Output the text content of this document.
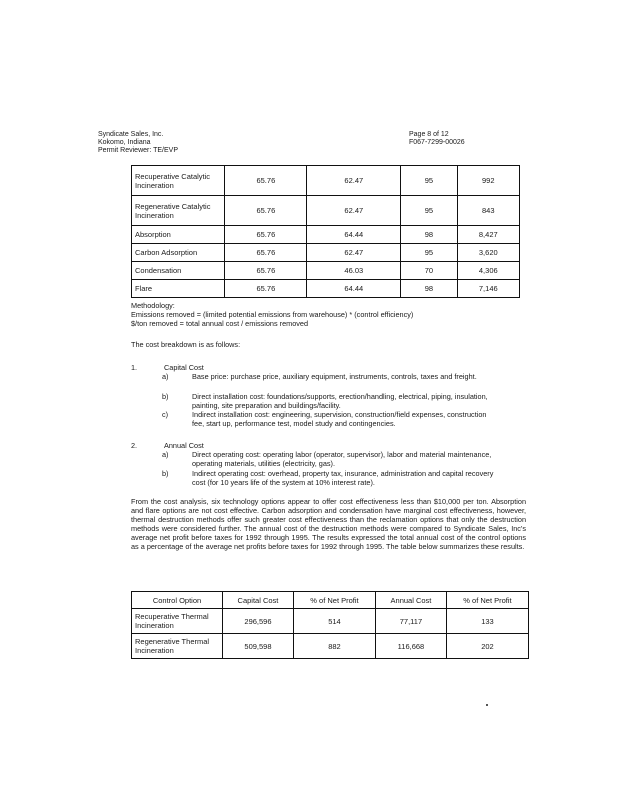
Syndicate Sales, Inc.
Kokomo, Indiana
Permit Reviewer: TE/EVP
Page 8 of 12
F067-7299-00026
Recuperative Catalytic Incineration	65.76	62.47	95	992
Regenerative Catalytic Incineration	65.76	62.47	95	843
Absorption	65.76	64.44	98	8,427
Carbon Adsorption	65.76	62.47	95	3,620
Condensation	65.76	46.03	70	4,306
Flare	65.76	64.44	98	7,146
Methodology:
Emissions removed = (limited potential emissions from warehouse) * (control efficiency)
$/ton removed = total annual cost / emissions removed
The cost breakdown is as follows:
1.	Capital Cost
a)	Base price: purchase price, auxiliary equipment, instruments, controls, taxes and freight.
b)	Direct installation cost: foundations/supports, erection/handling, electrical, piping, insulation, painting, site preparation and buildings/facility.
c)	Indirect installation cost: engineering, supervision, construction/field expenses, construction fee, start up, performance test, model study and contingencies.
2.	Annual Cost
a)	Direct operating cost: operating labor (operator, supervisor), labor and material maintenance, operating materials, utilities (electricity, gas).
b)	Indirect operating cost: overhead, property tax, insurance, administration and capital recovery cost (for 10 years life of the system at 10% interest rate).
From the cost analysis, six technology options appear to offer cost effectiveness less than $10,000 per ton. Absorption and flare options are not cost effective. Carbon adsorption and condensation have marginal cost effectiveness, however, thermal destruction methods offer such greater cost effectiveness than the reclamation options that only the destruction methods were considered further. The annual cost of the destruction methods were compared to Syndicate Sales, Inc's average net profit before taxes for 1992 through 1995. The results expressed the total annual cost of the control options as a percentage of the average net profits before taxes for 1992 through 1995. The table below summarizes these results.
Control Option	Capital Cost	% of Net Profit	Annual Cost	% of Net Profit
Recuperative Thermal Incineration	296,596	514	77,117	133
Regenerative Thermal Incineration	509,598	882	116,668	202
